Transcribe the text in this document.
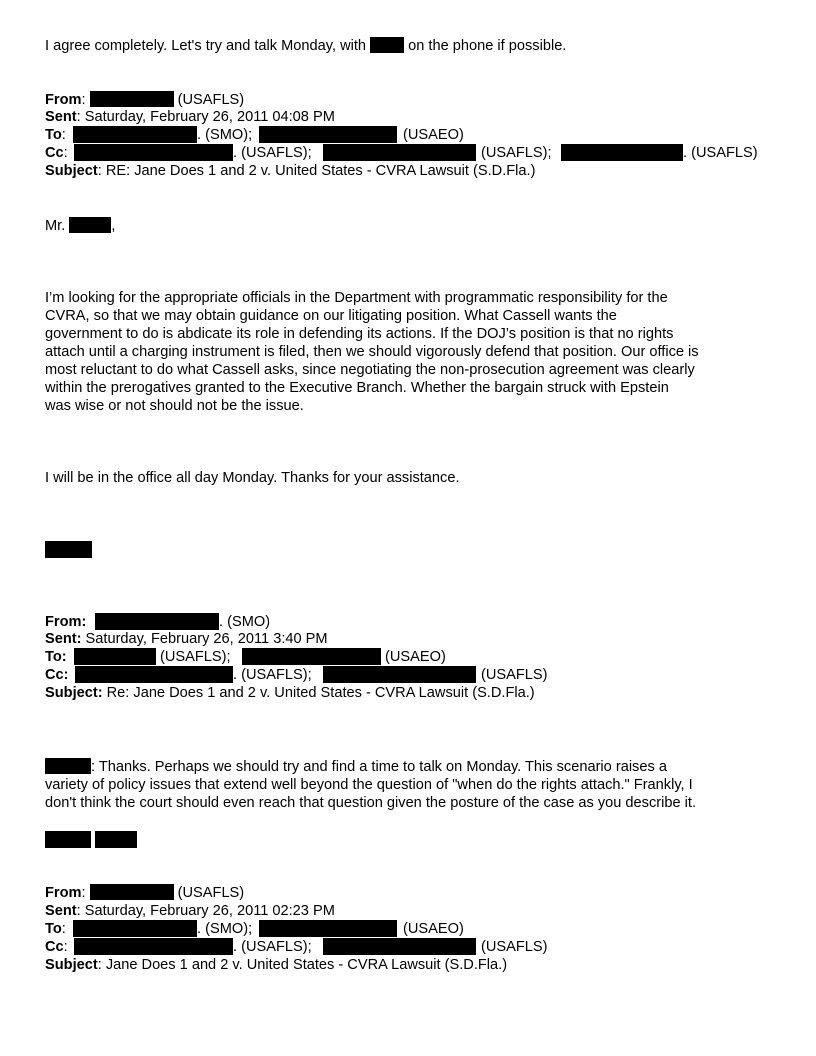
I agree completely. Let's try and talk Monday, with  on the phone if possible.
From:	(USAFLS)
Sent: Saturday, February 26, 2011 04:08 PM
To:	. (SMO);	(USAEO)
Cc:	. (USAFLS);	(USAFLS);	. (USAFLS)
Subject: RE: Jane Does 1 and 2 v. United States - CVRA Lawsuit (S.D.Fla.)
Mr.	,
I’m looking for the appropriate officials in the Department with programmatic responsibility for the
CVRA, so that we may obtain guidance on our litigating position. What Cassell wants the
government to do is abdicate its role in defending its actions. If the DOJ’s position is that no rights
attach until a charging instrument is filed, then we should vigorously defend that position. Our office is
most reluctant to do what Cassell asks, since negotiating the non-prosecution agreement was clearly
within the prerogatives granted to the Executive Branch. Whether the bargain struck with Epstein
was wise or not should not be the issue.
I will be in the office all day Monday. Thanks for your assistance.
From:	. (SMO)
Sent: Saturday, February 26, 2011 3:40 PM
To:	(USAFLS);	(USAEO)
Cc:	. (USAFLS);	(USAFLS)
Subject: Re: Jane Does 1 and 2 v. United States - CVRA Lawsuit (S.D.Fla.)
: Thanks. Perhaps we should try and find a time to talk on Monday. This scenario raises a
variety of policy issues that extend well beyond the question of "when do the rights attach." Frankly, I
don't think the court should even reach that question given the posture of the case as you describe it.
From:	(USAFLS)
Sent: Saturday, February 26, 2011 02:23 PM
To:	. (SMO);	(USAEO)
Cc:	. (USAFLS);	(USAFLS)
Subject: Jane Does 1 and 2 v. United States - CVRA Lawsuit (S.D.Fla.)
